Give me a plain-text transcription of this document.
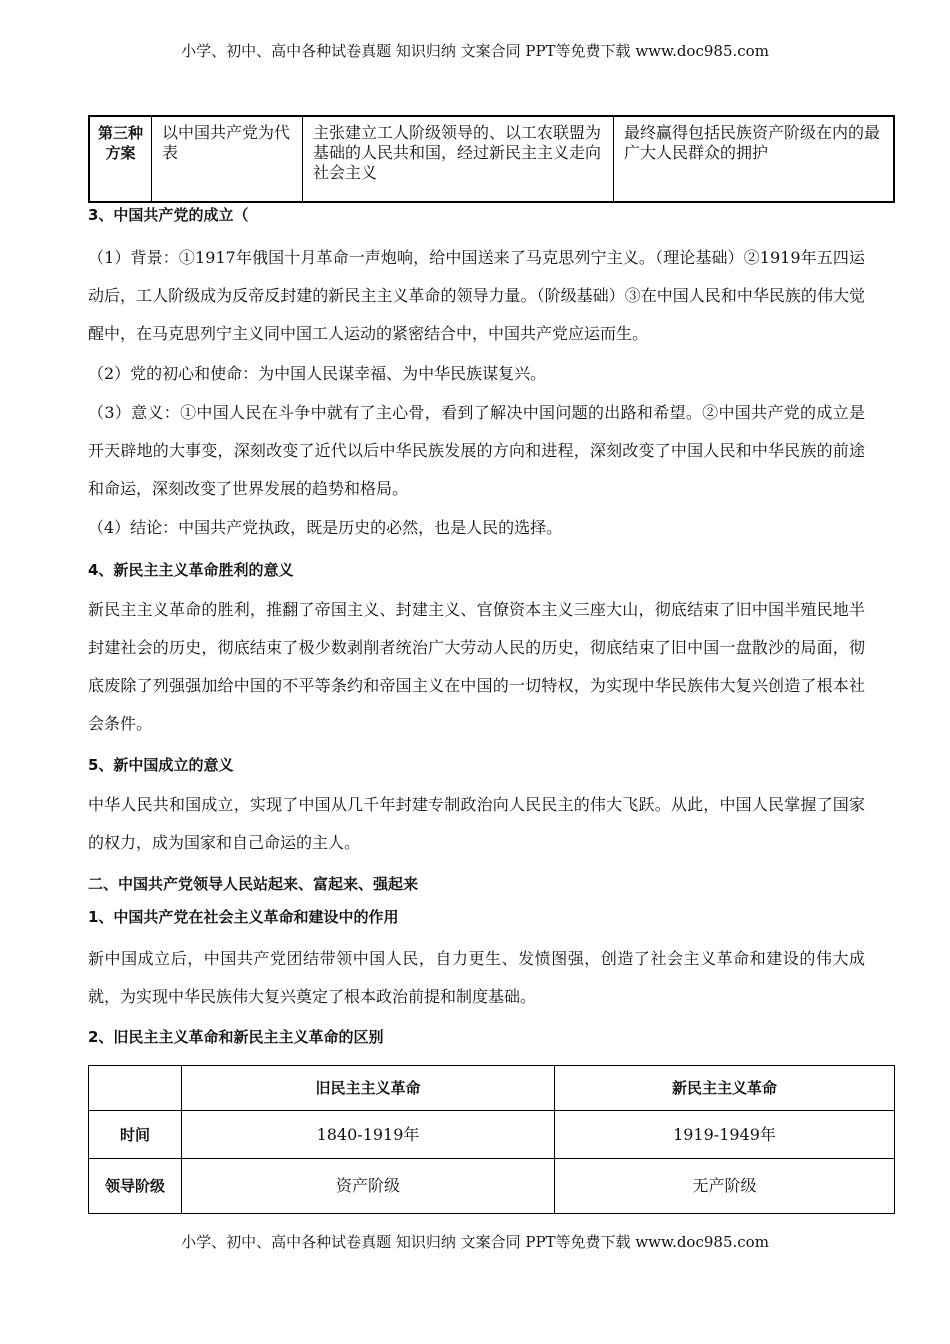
小学、初中、高中各种试卷真题 知识归纳 文案合同 PPT等免费下载 www.doc985.com
第三种方案	以中国共产党为代表	主张建立工人阶级领导的、以工农联盟为基础的人民共和国，经过新民主主义走向社会主义	最终赢得包括民族资产阶级在内的最广大人民群众的拥护
3、中国共产党的成立（
（1）背景：①1917年俄国十月革命一声炮响，给中国送来了马克思列宁主义。（理论基础）②1919年五四运动后，工人阶级成为反帝反封建的新民主主义革命的领导力量。（阶级基础）③在中国人民和中华民族的伟大觉醒中，在马克思列宁主义同中国工人运动的紧密结合中，中国共产党应运而生。
（2）党的初心和使命：为中国人民谋幸福、为中华民族谋复兴。
（3）意义：①中国人民在斗争中就有了主心骨，看到了解决中国问题的出路和希望。②中国共产党的成立是开天辟地的大事变，深刻改变了近代以后中华民族发展的方向和进程，深刻改变了中国人民和中华民族的前途和命运，深刻改变了世界发展的趋势和格局。
（4）结论：中国共产党执政，既是历史的必然，也是人民的选择。
4、新民主主义革命胜利的意义
新民主主义革命的胜利，推翻了帝国主义、封建主义、官僚资本主义三座大山，彻底结束了旧中国半殖民地半封建社会的历史，彻底结束了极少数剥削者统治广大劳动人民的历史，彻底结束了旧中国一盘散沙的局面，彻底废除了列强强加给中国的不平等条约和帝国主义在中国的一切特权，为实现中华民族伟大复兴创造了根本社会条件。
5、新中国成立的意义
中华人民共和国成立，实现了中国从几千年封建专制政治向人民民主的伟大飞跃。从此，中国人民掌握了国家的权力，成为国家和自己命运的主人。
二、中国共产党领导人民站起来、富起来、强起来
1、中国共产党在社会主义革命和建设中的作用
新中国成立后，中国共产党团结带领中国人民，自力更生、发愤图强，创造了社会主义革命和建设的伟大成就，为实现中华民族伟大复兴奠定了根本政治前提和制度基础。
2、旧民主主义革命和新民主主义革命的区别
	旧民主主义革命	新民主主义革命
时间	1840-1919年	1919-1949年
领导阶级	资产阶级	无产阶级
小学、初中、高中各种试卷真题 知识归纳 文案合同 PPT等免费下载 www.doc985.com
